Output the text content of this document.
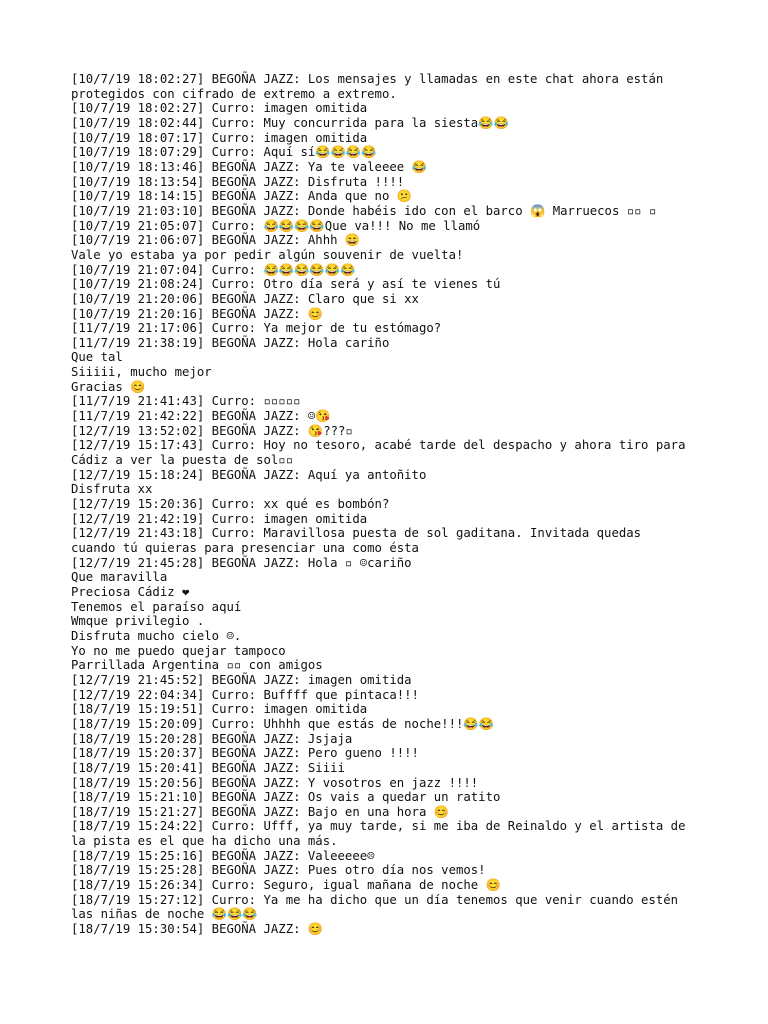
[10/7/19 18:02:27] BEGOÑA JAZZ: Los mensajes y llamadas en este chat ahora están
protegidos con cifrado de extremo a extremo.
[10/7/19 18:02:27] Curro: imagen omitida
[10/7/19 18:02:44] Curro: Muy concurrida para la siesta😂😂
[10/7/19 18:07:17] Curro: imagen omitida
[10/7/19 18:07:29] Curro: Aquí sí😂😂😂😂
[10/7/19 18:13:46] BEGOÑA JAZZ: Ya te valeeee 😂
[10/7/19 18:13:54] BEGOÑA JAZZ: Disfruta !!!!
[10/7/19 18:14:15] BEGOÑA JAZZ: Anda que no 😕
[10/7/19 21:03:10] BEGOÑA JAZZ: Donde habéis ido con el barco 😱 Marruecos ▫▫ ▫
[10/7/19 21:05:07] Curro: 😂😂😂😂Que va!!! No me llamó
[10/7/19 21:06:07] BEGOÑA JAZZ: Ahhh 😄
Vale yo estaba ya por pedir algún souvenir de vuelta!
[10/7/19 21:07:04] Curro: 😂😂😂😂😂😂
[10/7/19 21:08:24] Curro: Otro día será y así te vienes tú
[10/7/19 21:20:06] BEGOÑA JAZZ: Claro que si xx
[10/7/19 21:20:16] BEGOÑA JAZZ: 😊
[11/7/19 21:17:06] Curro: Ya mejor de tu estómago?
[11/7/19 21:38:19] BEGOÑA JAZZ: Hola cariño
Que tal
Siiiii, mucho mejor
Gracias 😊
[11/7/19 21:41:43] Curro: ▫▫▫▫▫
[11/7/19 21:42:22] BEGOÑA JAZZ: ☺😘
[12/7/19 13:52:02] BEGOÑA JAZZ: 😘???▫
[12/7/19 15:17:43] Curro: Hoy no tesoro, acabé tarde del despacho y ahora tiro para
Cádiz a ver la puesta de sol▫▫
[12/7/19 15:18:24] BEGOÑA JAZZ: Aquí ya antoñito
Disfruta xx
[12/7/19 15:20:36] Curro: xx qué es bombón?
[12/7/19 21:42:19] Curro: imagen omitida
[12/7/19 21:43:18] Curro: Maravillosa puesta de sol gaditana. Invitada quedas
cuando tú quieras para presenciar una como ésta
[12/7/19 21:45:28] BEGOÑA JAZZ: Hola ▫ ☺cariño
Que maravilla
Preciosa Cádiz ❤
Tenemos el paraíso aquí
Wmque privilegio .
Disfruta mucho cielo ☺.
Yo no me puedo quejar tampoco
Parrillada Argentina ▫▫ con amigos
[12/7/19 21:45:52] BEGOÑA JAZZ: imagen omitida
[12/7/19 22:04:34] Curro: Buffff que pintaca!!!
[18/7/19 15:19:51] Curro: imagen omitida
[18/7/19 15:20:09] Curro: Uhhhh que estás de noche!!!😂😂
[18/7/19 15:20:28] BEGOÑA JAZZ: Jsjaja
[18/7/19 15:20:37] BEGOÑA JAZZ: Pero gueno !!!!
[18/7/19 15:20:41] BEGOÑA JAZZ: Siiii
[18/7/19 15:20:56] BEGOÑA JAZZ: Y vosotros en jazz !!!!
[18/7/19 15:21:10] BEGOÑA JAZZ: Os vais a quedar un ratito
[18/7/19 15:21:27] BEGOÑA JAZZ: Bajo en una hora 😊
[18/7/19 15:24:22] Curro: Ufff, ya muy tarde, si me iba de Reinaldo y el artista de
la pista es el que ha dicho una más.
[18/7/19 15:25:16] BEGOÑA JAZZ: Valeeeee☹
[18/7/19 15:25:28] BEGOÑA JAZZ: Pues otro día nos vemos!
[18/7/19 15:26:34] Curro: Seguro, igual mañana de noche 😊
[18/7/19 15:27:12] Curro: Ya me ha dicho que un día tenemos que venir cuando estén
las niñas de noche 😂😂😂
[18/7/19 15:30:54] BEGOÑA JAZZ: 😊
